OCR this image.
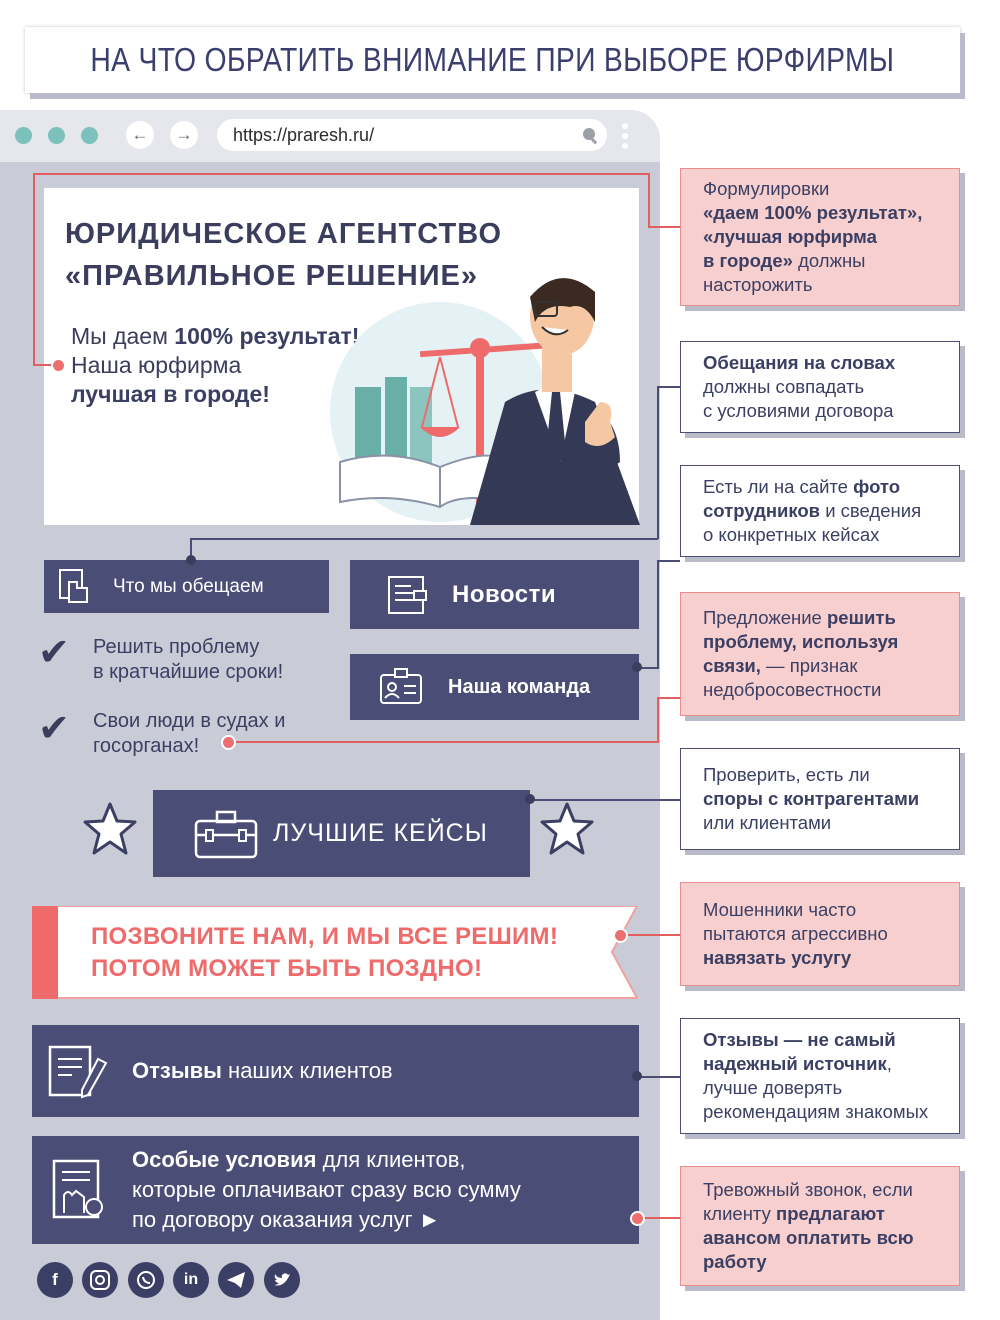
НА ЧТО ОБРАТИТЬ ВНИМАНИЕ ПРИ ВЫБОРЕ ЮРФИРМЫ
←	→	https://praresh.ru/
ЮРИДИЧЕСКОЕ АГЕНТСТВО
«ПРАВИЛЬНОЕ РЕШЕНИЕ»
Мы даем 100% результат!
Наша юрфирма
лучшая в городе!
Что мы обещаем	Новости
Наша команда
✔ Решить проблему
в кратчайшие сроки!
✔ Свои люди в судах и
госорганах!
ЛУЧШИЕ КЕЙСЫ
ПОЗВОНИТЕ НАМ, И МЫ ВСЕ РЕШИМ!
ПОТОМ МОЖЕТ БЫТЬ ПОЗДНО!
Отзывы наших клиентов
Особые условия для клиентов,
которые оплачивают сразу всю сумму
по договору оказания услуг ►
f	in
Формулировки
«даем 100% результат»,
«лучшая юрфирма
в городе» должны
насторожить
Обещания на словах
должны совпадать
с условиями договора
Есть ли на сайте фото
сотрудников и сведения
о конкретных кейсах
Предложение решить
проблему, используя
связи, — признак
недобросовестности
Проверить, есть ли
споры с контрагентами
или клиентами
Мошенники часто
пытаются агрессивно
навязать услугу
Отзывы — не самый
надежный источник,
лучше доверять
рекомендациям знакомых
Тревожный звонок, если
клиенту предлагают
авансом оплатить всю
работу
